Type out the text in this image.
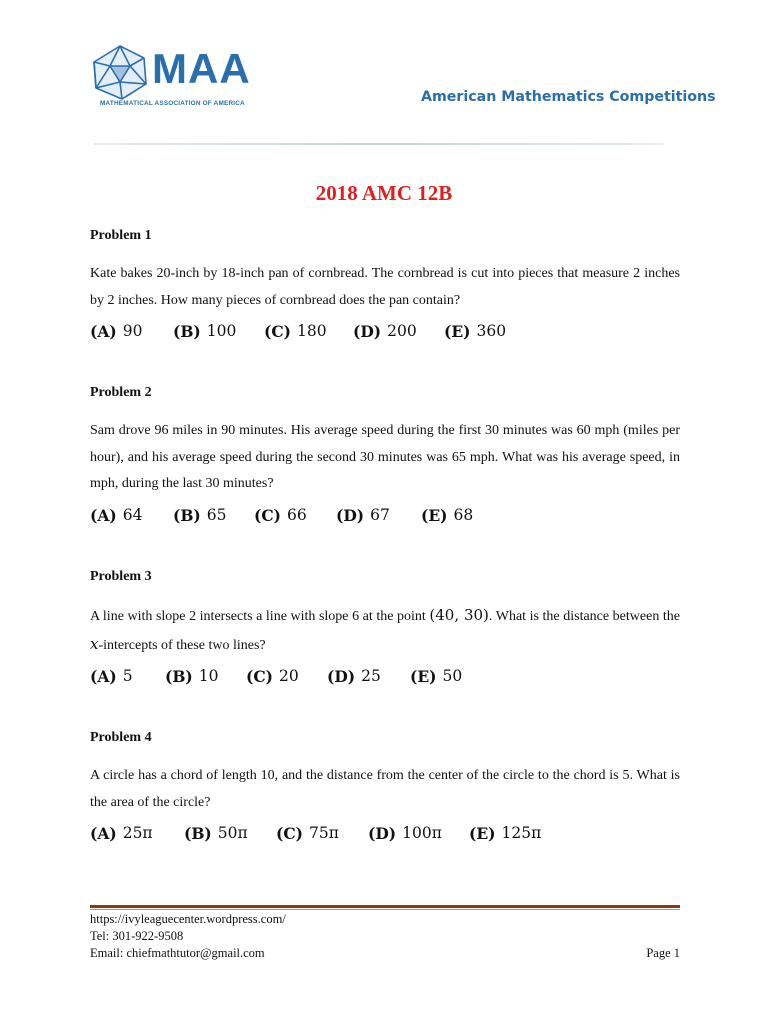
MAA
MATHEMATICAL ASSOCIATION OF AMERICA	American Mathematics Competitions
2018 AMC 12B
Problem 1
Kate bakes 20-inch by 18-inch pan of cornbread. The cornbread is cut into pieces that measure 2 inches by 2 inches. How many pieces of cornbread does the pan contain?
(A) 90 (B) 100 (C) 180 (D) 200 (E) 360
Problem 2
Sam drove 96 miles in 90 minutes. His average speed during the first 30 minutes was 60 mph (miles per hour), and his average speed during the second 30 minutes was 65 mph. What was his average speed, in mph, during the last 30 minutes?
(A) 64 (B) 65 (C) 66 (D) 67 (E) 68
Problem 3
A line with slope 2 intersects a line with slope 6 at the point (40, 30). What is the distance between the x-intercepts of these two lines?
(A) 5 (B) 10 (C) 20 (D) 25 (E) 50
Problem 4
A circle has a chord of length 10, and the distance from the center of the circle to the chord is 5. What is the area of the circle?
(A) 25π (B) 50π (C) 75π (D) 100π (E) 125π
https://ivyleaguecenter.wordpress.com/
Tel: 301-922-9508
Email: chiefmathtutor@gmail.com	Page 1
